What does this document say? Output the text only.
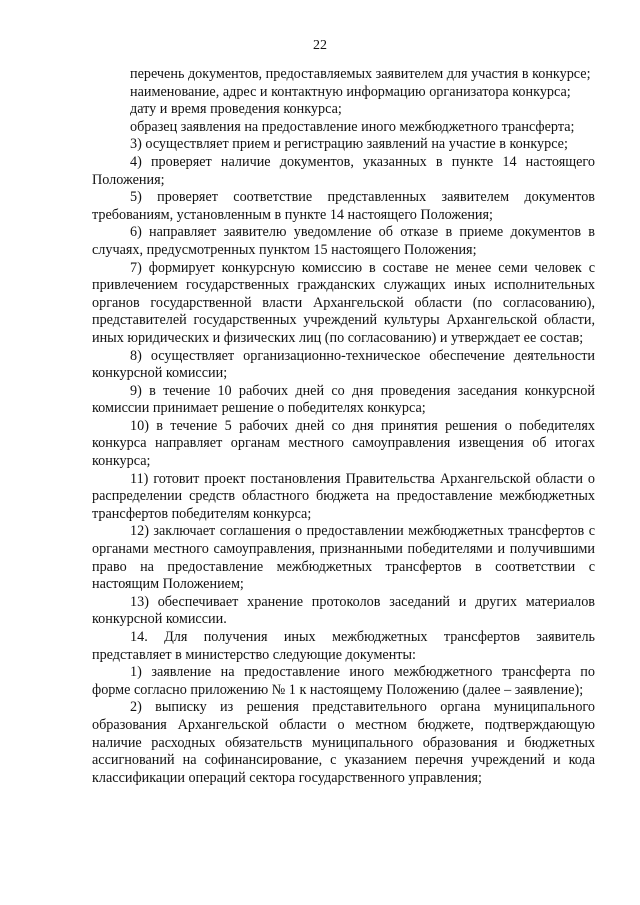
22

перечень документов, предоставляемых заявителем для участия в конкурсе;

наименование, адрес и контактную информацию организатора конкурса;

дату и время проведения конкурса;

образец заявления на предоставление иного межбюджетного трансферта;

3) осуществляет прием и регистрацию заявлений на участие в конкурсе;

4) проверяет наличие документов, указанных в пункте 14 настоящего Положения;

5) проверяет соответствие представленных заявителем документов требованиям, установленным в пункте 14 настоящего Положения;

6) направляет заявителю уведомление об отказе в приеме документов в случаях, предусмотренных пунктом 15 настоящего Положения;

7) формирует конкурсную комиссию в составе не менее семи человек с привлечением государственных гражданских служащих иных исполнительных органов государственной власти Архангельской области (по согласованию), представителей государственных учреждений культуры Архангельской области, иных юридических и физических лиц (по согласованию) и утверждает ее состав;

8) осуществляет организационно-техническое обеспечение деятельности конкурсной комиссии;

9) в течение 10 рабочих дней со дня проведения заседания конкурсной комиссии принимает решение о победителях конкурса;

10) в течение 5 рабочих дней со дня принятия решения о победителях конкурса направляет органам местного самоуправления извещения об итогах конкурса;

11) готовит проект постановления Правительства Архангельской области о распределении средств областного бюджета на предоставление межбюджетных трансфертов победителям конкурса;

12) заключает соглашения о предоставлении межбюджетных трансфертов с органами местного самоуправления, признанными победителями и получившими право на предоставление межбюджетных трансфертов в соответствии с настоящим Положением;

13) обеспечивает хранение протоколов заседаний и других материалов конкурсной комиссии.

14. Для получения иных межбюджетных трансфертов заявитель представляет в министерство следующие документы:

1) заявление на предоставление иного межбюджетного трансферта по форме согласно приложению № 1 к настоящему Положению (далее – заявление);

2) выписку из решения представительного органа муниципального образования Архангельской области о местном бюджете, подтверждающую наличие расходных обязательств муниципального образования и бюджетных ассигнований на софинансирование, с указанием перечня учреждений и кода классификации операций сектора государственного управления;
